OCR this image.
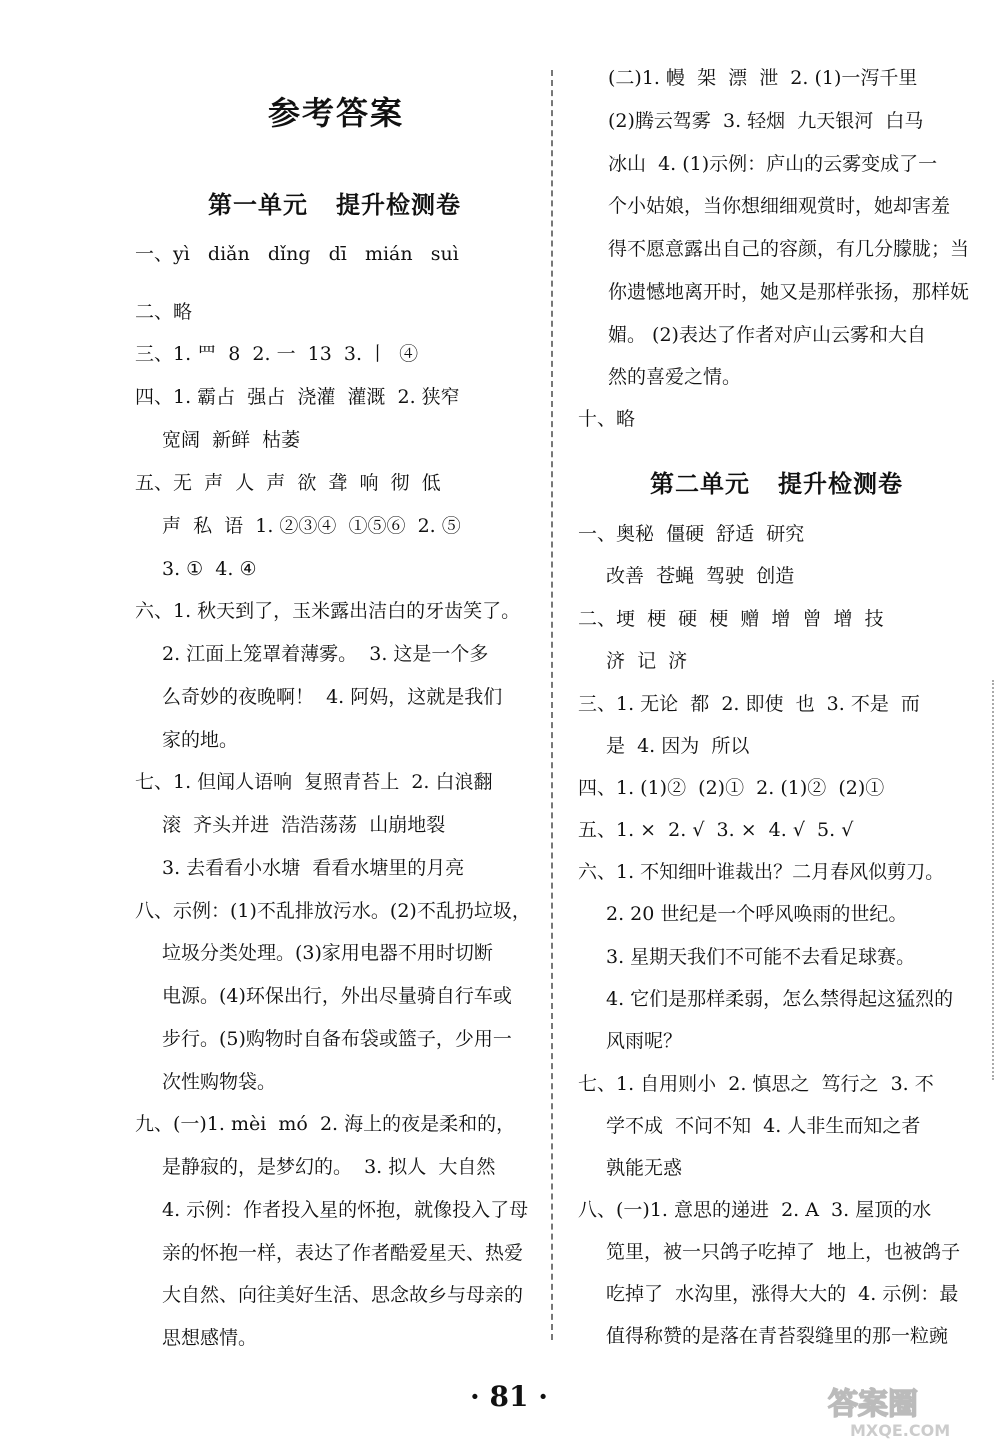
参考答案
第一单元 提升检测卷
第二单元 提升检测卷
一、yì   diǎn   dǐng   dī   mián   suì
二、略
三、1. 罒  8  2. 一  13  3. 丨  ④
四、1. 霸占  强占  浇灌  灌溉  2. 狭窄
宽阔  新鲜  枯萎
五、无  声  人  声  欲  聋  响  彻  低
声  私  语  1. ②③④  ①⑤⑥  2. ⑤
3. ①  4. ④
六、1. 秋天到了，玉米露出洁白的牙齿笑了。
2. 江面上笼罩着薄雾。  3. 这是一个多
么奇妙的夜晚啊！  4. 阿妈，这就是我们
家的地。
七、1. 但闻人语响  复照青苔上  2. 白浪翻
滚  齐头并进  浩浩荡荡  山崩地裂
3. 去看看小水塘  看看水塘里的月亮
八、示例：(1)不乱排放污水。(2)不乱扔垃圾，
垃圾分类处理。(3)家用电器不用时切断
电源。(4)环保出行，外出尽量骑自行车或
步行。(5)购物时自备布袋或篮子，少用一
次性购物袋。
九、(一)1. mèi  mó  2. 海上的夜是柔和的，
是静寂的，是梦幻的。  3. 拟人  大自然
4. 示例：作者投入星的怀抱，就像投入了母
亲的怀抱一样，表达了作者酷爱星天、热爱
大自然、向往美好生活、思念故乡与母亲的
思想感情。
(二)1. 幔  架  漂  泄  2. (1)一泻千里
(2)腾云驾雾  3. 轻烟  九天银河  白马
冰山  4. (1)示例：庐山的云雾变成了一
个小姑娘，当你想细细观赏时，她却害羞
得不愿意露出自己的容颜，有几分朦胧；当
你遗憾地离开时，她又是那样张扬，那样妩
媚。 (2)表达了作者对庐山云雾和大自
然的喜爱之情。
十、略
一、奥秘  僵硬  舒适  研究
改善  苍蝇  驾驶  创造
二、埂  梗  硬  梗  赠  增  曾  增  技
济  记  济
三、1. 无论  都  2. 即使  也  3. 不是  而
是  4. 因为  所以
四、1. (1)②  (2)①  2. (1)②  (2)①
五、1. ×  2. √  3. ×  4. √  5. √
六、1. 不知细叶谁裁出？二月春风似剪刀。
2. 20 世纪是一个呼风唤雨的世纪。
3. 星期天我们不可能不去看足球赛。
4. 它们是那样柔弱，怎么禁得起这猛烈的
风雨呢？
七、1. 自用则小  2. 慎思之  笃行之  3. 不
学不成  不问不知  4. 人非生而知之者
孰能无惑
八、(一)1. 意思的递进  2. A  3. 屋顶的水
笕里，被一只鸽子吃掉了  地上，也被鸽子
吃掉了  水沟里，涨得大大的  4. 示例：最
值得称赞的是落在青苔裂缝里的那一粒豌
· 81 ·	答案圈
MXQE.COM
